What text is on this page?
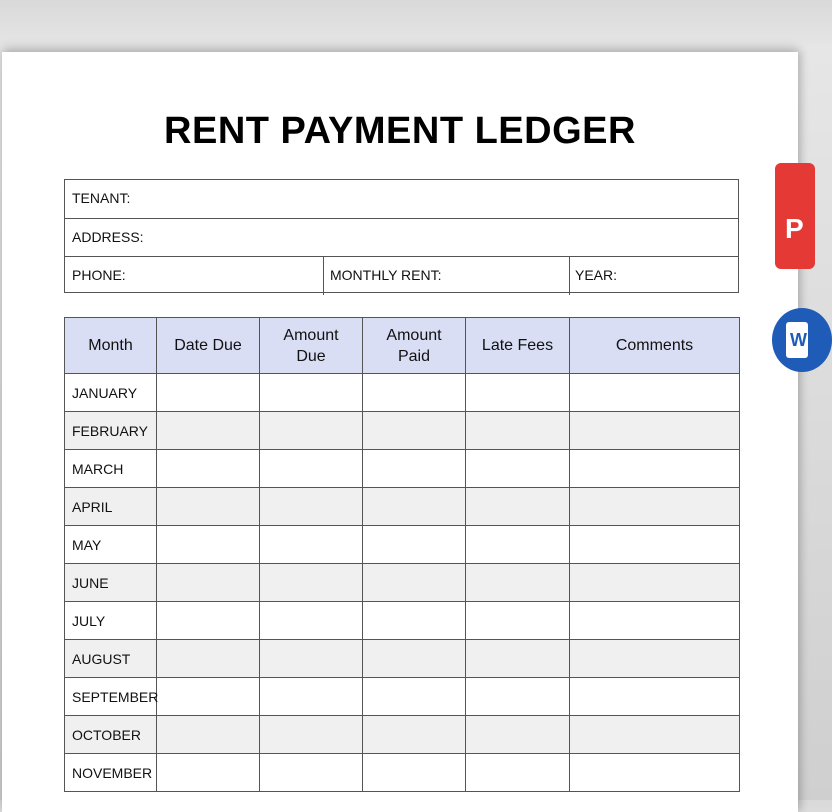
RENT PAYMENT LEDGER
TENANT:
ADDRESS:
PHONE:	MONTHLY RENT:	YEAR:
Month	Date Due	Amount Due	Amount Paid	Late Fees	Comments
JANUARY					
FEBRUARY					
MARCH					
APRIL					
MAY					
JUNE					
JULY					
AUGUST					
SEPTEMBER					
OCTOBER					
NOVEMBER					
P
W
